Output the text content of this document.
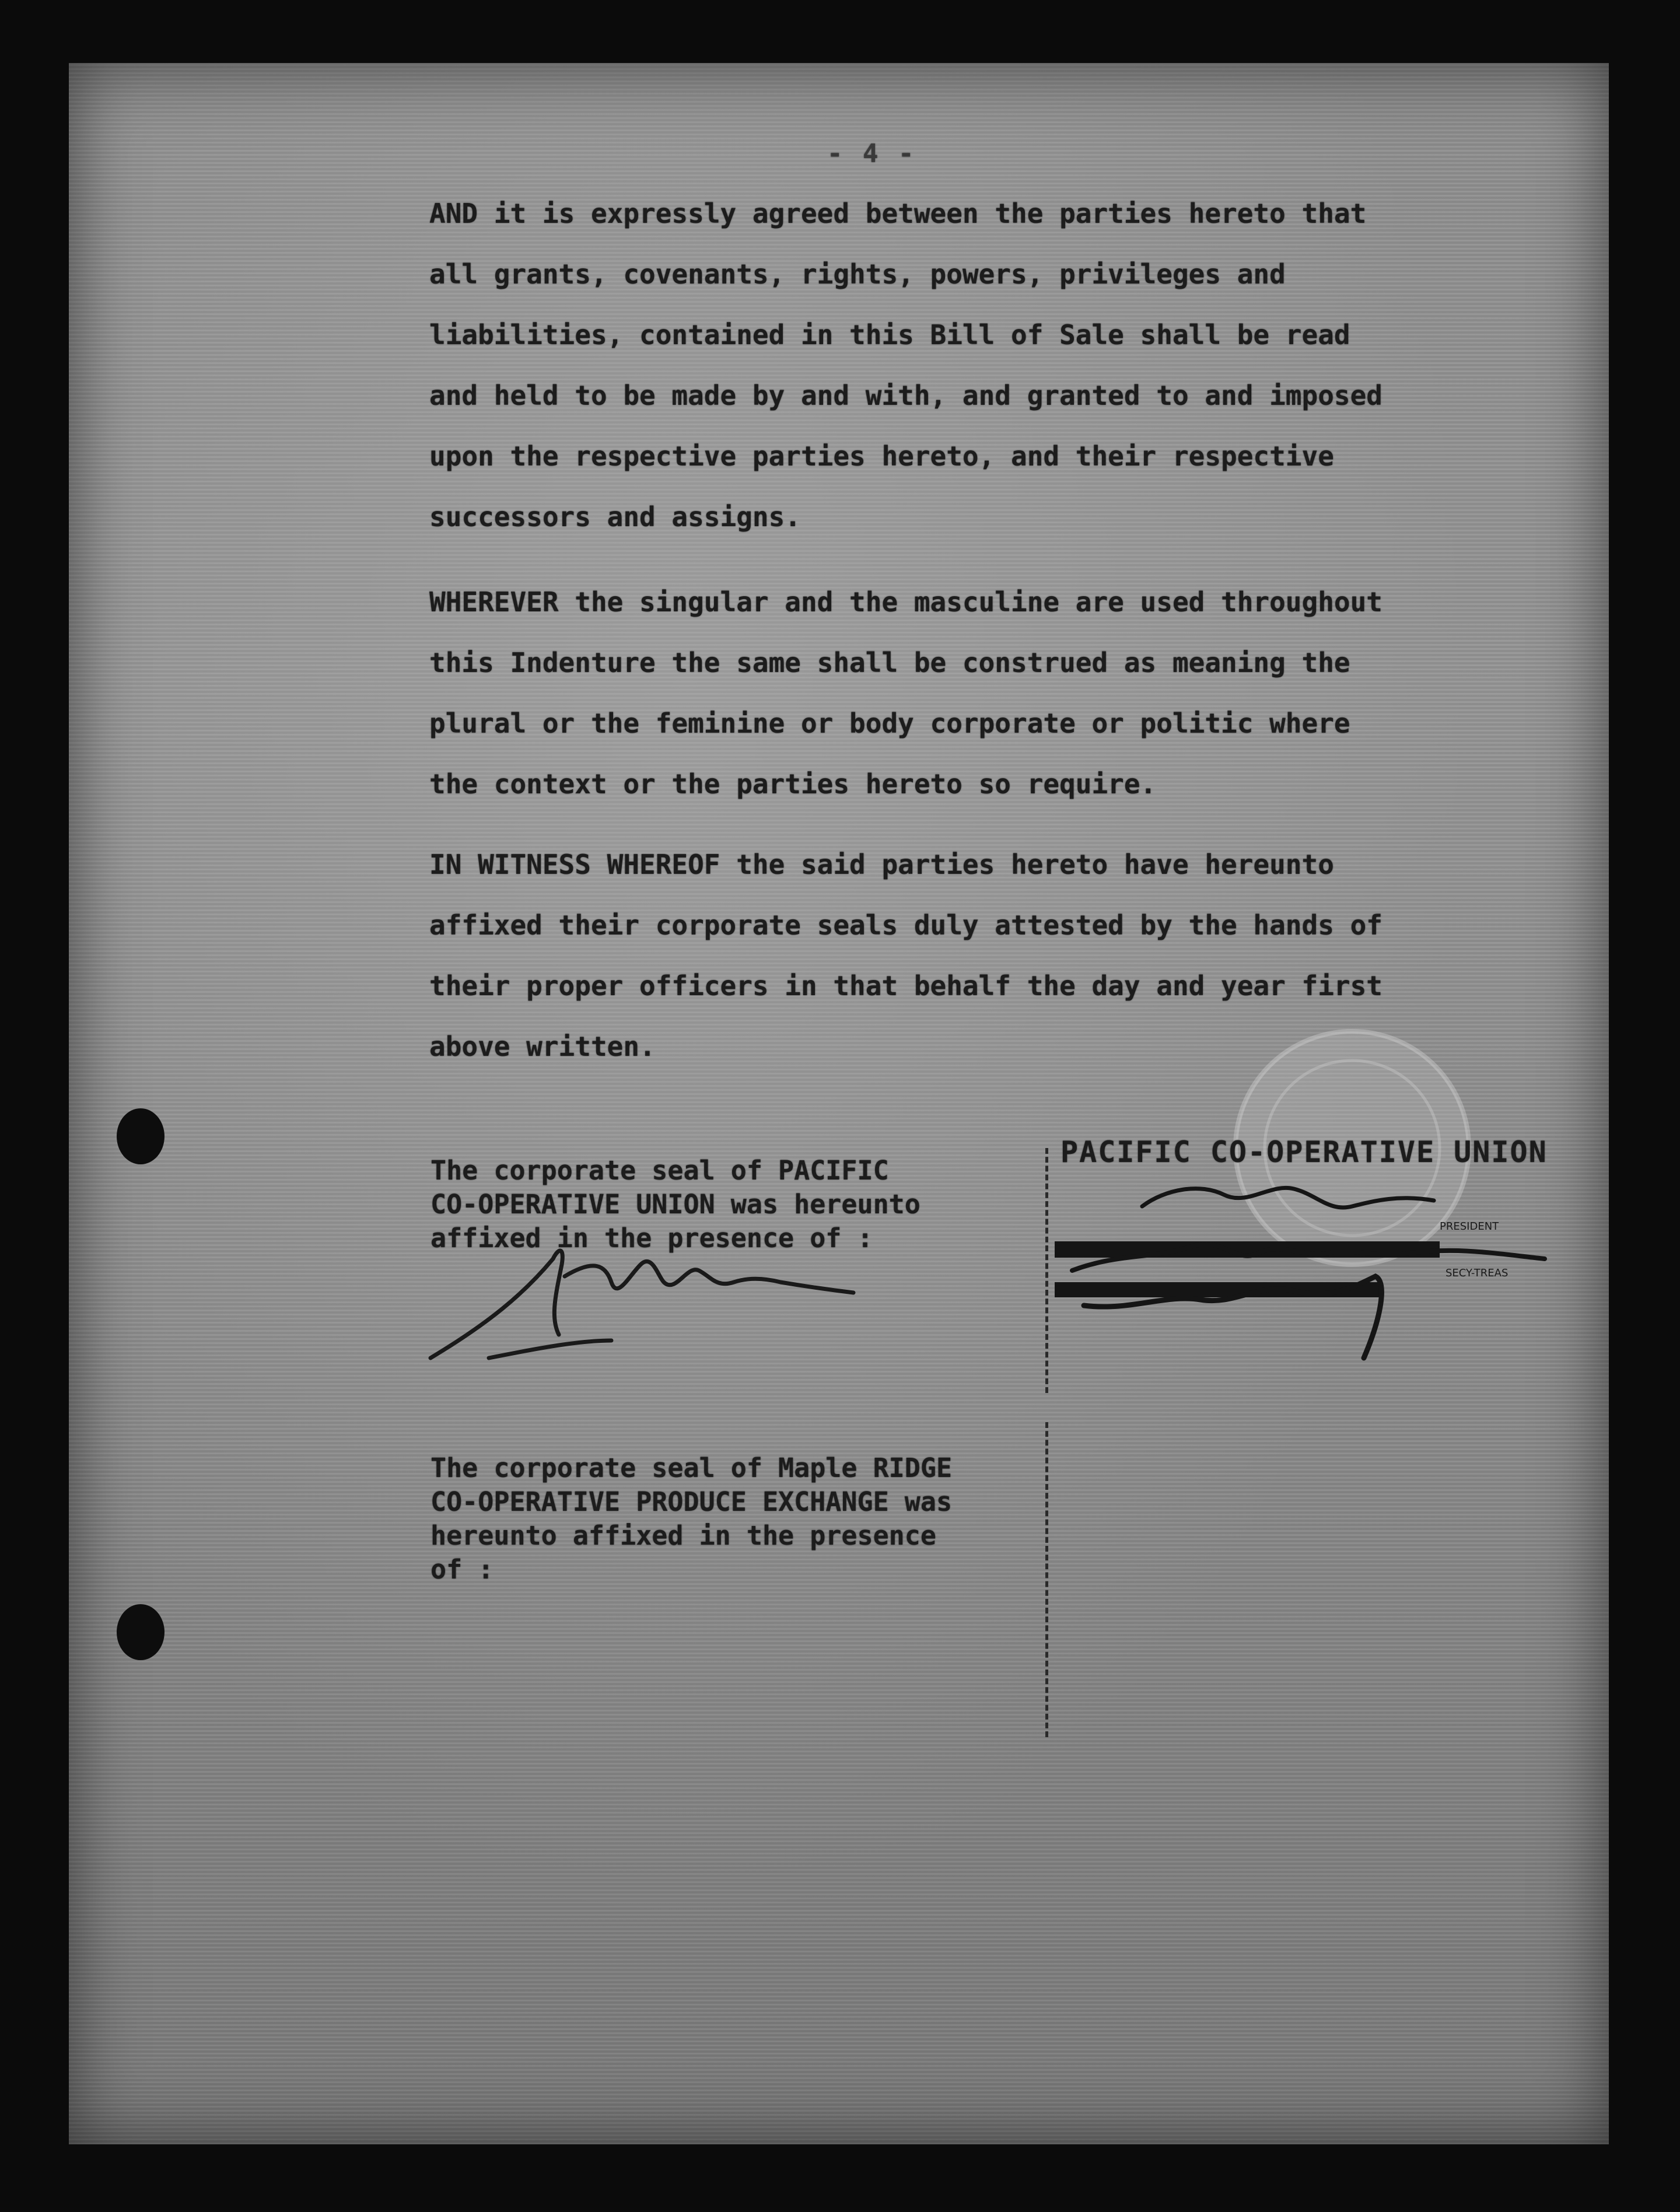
- 4 -

AND it is expressly agreed between the parties hereto that
all grants, covenants, rights, powers, privileges and
liabilities, contained in this Bill of Sale shall be read
and held to be made by and with, and granted to and imposed
upon the respective parties hereto, and their respective
successors and assigns.

WHEREVER the singular and the masculine are used throughout
this Indenture the same shall be construed as meaning the
plural or the feminine or body corporate or politic where
the context or the parties hereto so require.

IN WITNESS WHEREOF the said parties hereto have hereunto
affixed their corporate seals duly attested by the hands of
their proper officers in that behalf the day and year first
above written.

The corporate seal of PACIFIC
CO-OPERATIVE UNION was hereunto
affixed in the presence of :

PACIFIC CO-OPERATIVE UNION
PRESIDENT
SECY-TREAS

The corporate seal of Maple RIDGE
CO-OPERATIVE PRODUCE EXCHANGE was
hereunto affixed in the presence
of :
